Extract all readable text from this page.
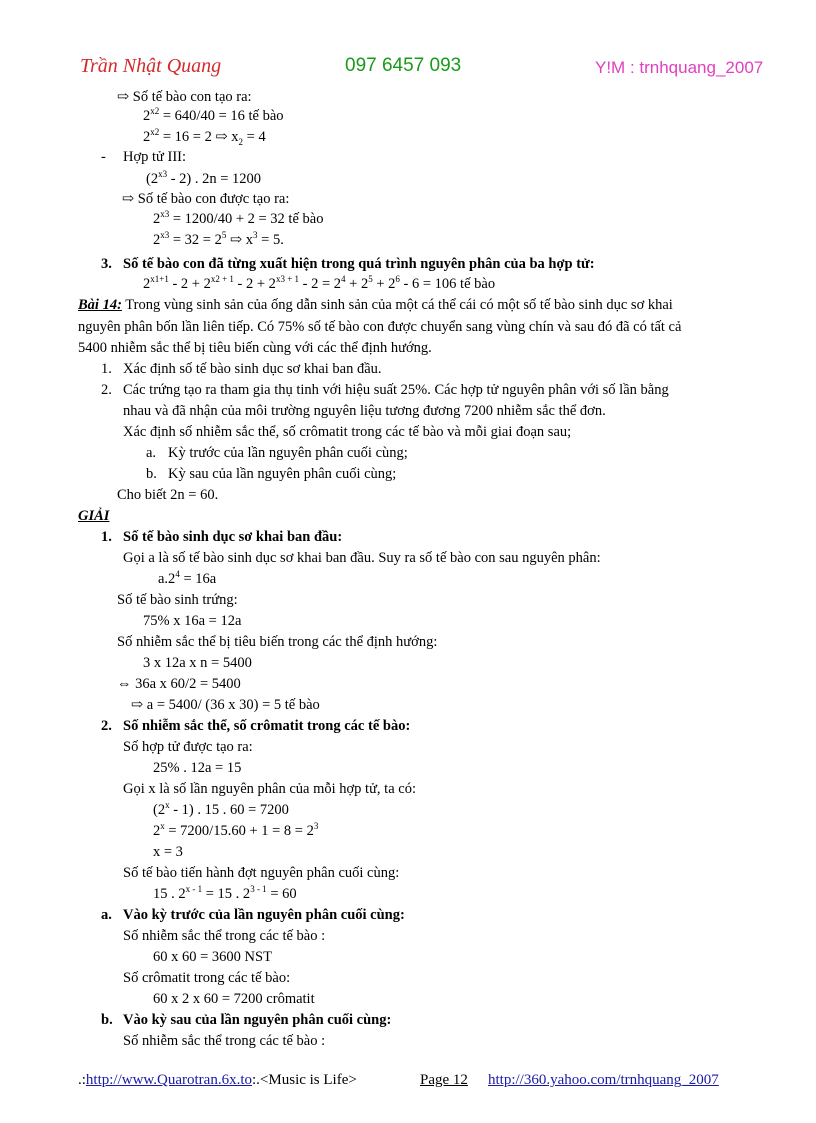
Trần Nhật Quang	097 6457 093	Y!M : trnhquang_2007
⇨ Số tế bào con tạo ra:
$2^{x2} = 640/40 = 16$ tế bào
$2^{x2} = 16 = 2$ ⇨ $x_2 = 4$
- Hợp tử III:
$(2^{x3} - 2)$ . 2n = 1200
⇨ Số tế bào con được tạo ra:
$2^{x3} = 1200/40 + 2 = 32$ tế bào
$2^{x3} = 32 = 2^5$ ⇨ $x^3 = 5$.
3. Số tế bào con đã từng xuất hiện trong quá trình nguyên phân của ba hợp tử:
$2^{x1+1} - 2 + 2^{x2 + 1} - 2 + 2^{x3 + 1} - 2 = 2^4 + 2^5 + 2^6 - 6 = 106$ tế bào
Bài 14: Trong vùng sinh sản của ống dẫn sinh sản của một cá thể cái có một số tế bào sinh dục sơ khai
nguyên phân bốn lần liên tiếp. Có 75% số tế bào con được chuyển sang vùng chín và sau đó đã có tất cả
5400 nhiễm sắc thể bị tiêu biến cùng với các thể định hướng.
1. Xác định số tế bào sinh dục sơ khai ban đầu.
2. Các trứng tạo ra tham gia thụ tinh với hiệu suất 25%. Các hợp tử nguyên phân với số lần bằng
nhau và đã nhận của môi trường nguyên liệu tương đương 7200 nhiễm sắc thể đơn.
Xác định số nhiễm sắc thể, số crômatit trong các tế bào và mỗi giai đoạn sau;
a. Kỳ trước của lần nguyên phân cuối cùng;
b. Kỳ sau của lần nguyên phân cuối cùng;
Cho biết 2n = 60.
GIẢI
1. Số tế bào sinh dục sơ khai ban đầu:
Gọi a là số tế bào sinh dục sơ khai ban đầu. Suy ra số tế bào con sau nguyên phân:
$a.2^4 = 16a$
Số tế bào sinh trứng:
75% x 16a = 12a
Số nhiễm sắc thể bị tiêu biến trong các thể định hướng:
3 x 12a x n = 5400
⇔ 36a x 60/2 = 5400
⇨ a = 5400/ (36 x 30) = 5 tế bào
2. Số nhiễm sắc thể, số crômatit trong các tế bào:
Số hợp tử được tạo ra:
25% . 12a = 15
Gọi x là số lần nguyên phân của mỗi hợp tử, ta có:
(2$^x$ - 1) . 15 . 60 = 7200
$2^x = 7200/15.60 + 1 = 8 = 2^3$
x = 3
Số tế bào tiến hành đợt nguyên phân cuối cùng:
15 . $2^{x - 1} = 15$ . $2^{3 - 1} = 60$
a. Vào kỳ trước của lần nguyên phân cuối cùng:
Số nhiễm sắc thể trong các tế bào :
60 x 60 = 3600 NST
Số crômatit trong các tế bào:
60 x 2 x 60 = 7200 crômatit
b. Vào kỳ sau của lần nguyên phân cuối cùng:
Số nhiễm sắc thể trong các tế bào :
.:http://www.Quarotran.6x.to:.<Music is Life>	Page 12 http://360.yahoo.com/trnhquang_2007
